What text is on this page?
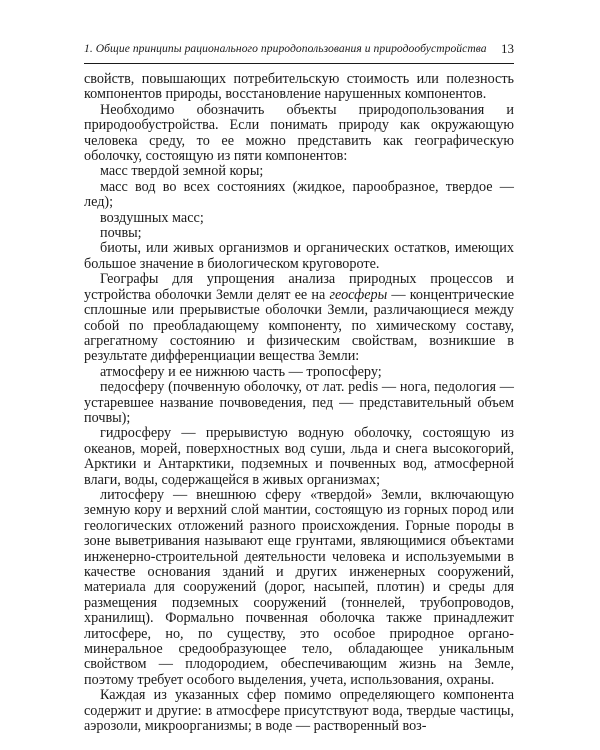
1. Общие принципы рационального природопользования и природообустройства 13

свойств, повышающих потребительскую стоимость или полезность компонентов природы, восстановление нарушенных компонентов.

Необходимо обозначить объекты природопользования и природообустройства. Если понимать природу как окружающую человека среду, то ее можно представить как географическую оболочку, состоящую из пяти компонентов:

масс твердой земной коры;

масс вод во всех состояниях (жидкое, парообразное, твердое — лед);

воздушных масс;

почвы;

биоты, или живых организмов и органических остатков, имеющих большое значение в биологическом круговороте.

Географы для упрощения анализа природных процессов и устройства оболочки Земли делят ее на геосферы — концентрические сплошные или прерывистые оболочки Земли, различающиеся между собой по преобладающему компоненту, по химическому составу, агрегатному состоянию и физическим свойствам, возникшие в результате дифференциации вещества Земли:

атмосферу и ее нижнюю часть — тропосферу;

педосферу (почвенную оболочку, от лат. pedis — нога, педология — устаревшее название почвоведения, пед — представительный объем почвы);

гидросферу — прерывистую водную оболочку, состоящую из океанов, морей, поверхностных вод суши, льда и снега высокогорий, Арктики и Антарктики, подземных и почвенных вод, атмосферной влаги, воды, содержащейся в живых организмах;

литосферу — внешнюю сферу «твердой» Земли, включающую земную кору и верхний слой мантии, состоящую из горных пород или геологических отложений разного происхождения. Горные породы в зоне выветривания называют еще грунтами, являющимися объектами инженерно-строительной деятельности человека и используемыми в качестве основания зданий и других инженерных сооружений, материала для сооружений (дорог, насыпей, плотин) и среды для размещения подземных сооружений (тоннелей, трубопроводов, хранилищ). Формально почвенная оболочка также принадлежит литосфере, но, по существу, это особое природное органо-минеральное средообразующее тело, обладающее уникальным свойством — плодородием, обеспечивающим жизнь на Земле, поэтому требует особого выделения, учета, использования, охраны.

Каждая из указанных сфер помимо определяющего компонента содержит и другие: в атмосфере присутствуют вода, твердые частицы, аэрозоли, микроорганизмы; в воде — растворенный воз-
